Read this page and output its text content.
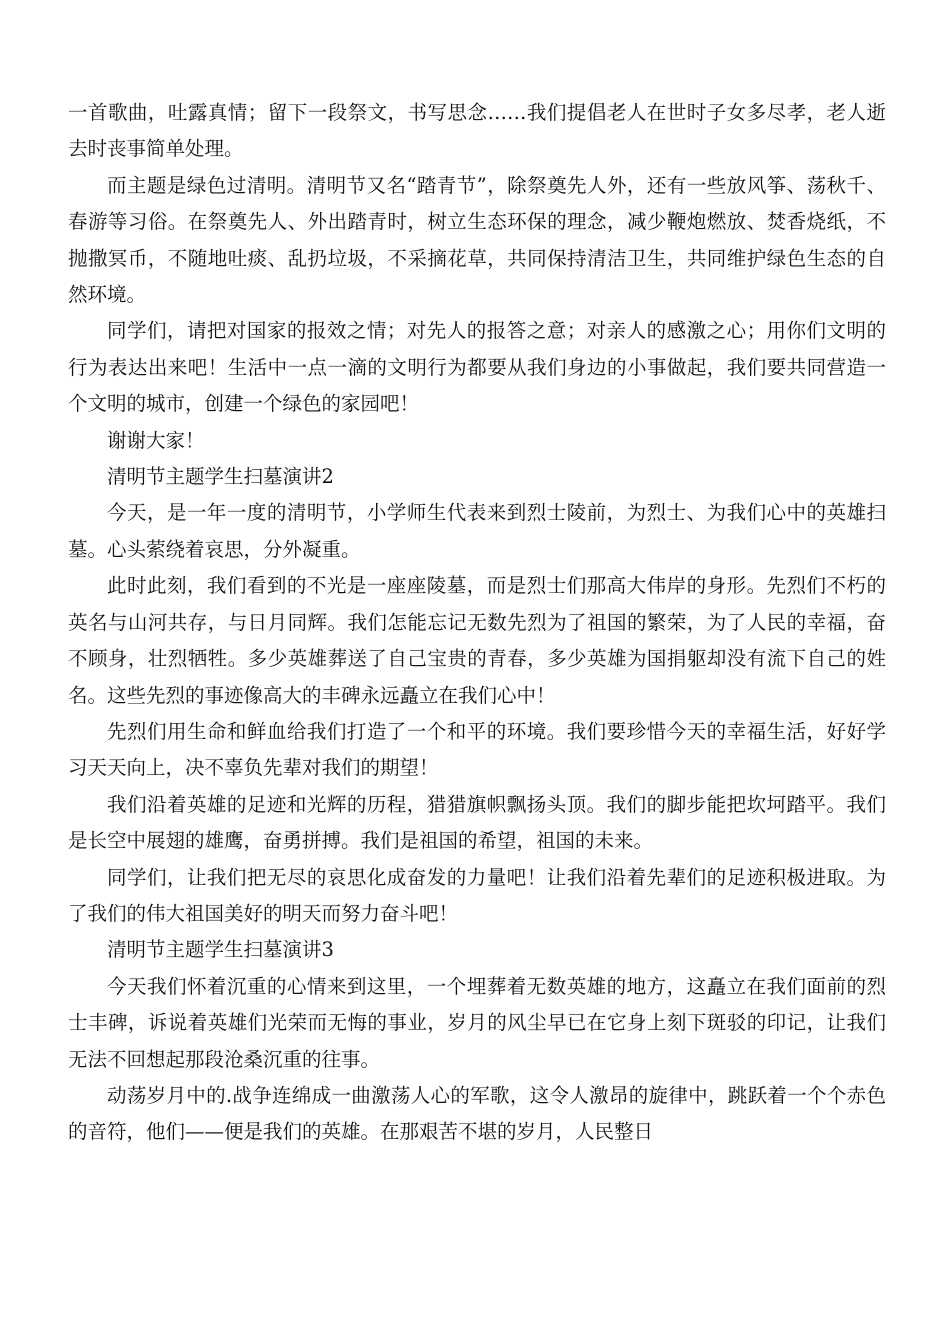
一首歌曲，吐露真情；留下一段祭文，书写思念……我们提倡老人在世时子女多尽孝，老人逝去时丧事简单处理。

而主题是绿色过清明。清明节又名“踏青节”，除祭奠先人外，还有一些放风筝、荡秋千、春游等习俗。在祭奠先人、外出踏青时，树立生态环保的理念，减少鞭炮燃放、焚香烧纸，不抛撒冥币，不随地吐痰、乱扔垃圾，不采摘花草，共同保持清洁卫生，共同维护绿色生态的自然环境。

同学们，请把对国家的报效之情；对先人的报答之意；对亲人的感激之心；用你们文明的行为表达出来吧！生活中一点一滴的文明行为都要从我们身边的小事做起，我们要共同营造一个文明的城市，创建一个绿色的家园吧！

谢谢大家！

清明节主题学生扫墓演讲2

今天，是一年一度的清明节，小学师生代表来到烈士陵前，为烈士、为我们心中的英雄扫墓。心头萦绕着哀思，分外凝重。

此时此刻，我们看到的不光是一座座陵墓，而是烈士们那高大伟岸的身形。先烈们不朽的英名与山河共存，与日月同辉。我们怎能忘记无数先烈为了祖国的繁荣，为了人民的幸福，奋不顾身，壮烈牺牲。多少英雄葬送了自己宝贵的青春，多少英雄为国捐躯却没有流下自己的姓名。这些先烈的事迹像高大的丰碑永远矗立在我们心中！

先烈们用生命和鲜血给我们打造了一个和平的环境。我们要珍惜今天的幸福生活，好好学习天天向上，决不辜负先辈对我们的期望！

我们沿着英雄的足迹和光辉的历程，猎猎旗帜飘扬头顶。我们的脚步能把坎坷踏平。我们是长空中展翅的雄鹰，奋勇拼搏。我们是祖国的希望，祖国的未来。

同学们，让我们把无尽的哀思化成奋发的力量吧！让我们沿着先辈们的足迹积极进取。为了我们的伟大祖国美好的明天而努力奋斗吧！

清明节主题学生扫墓演讲3

今天我们怀着沉重的心情来到这里，一个埋葬着无数英雄的地方，这矗立在我们面前的烈士丰碑，诉说着英雄们光荣而无悔的事业，岁月的风尘早已在它身上刻下斑驳的印记，让我们无法不回想起那段沧桑沉重的往事。

动荡岁月中的.战争连绵成一曲激荡人心的军歌，这令人激昂的旋律中，跳跃着一个个赤色的音符，他们——便是我们的英雄。在那艰苦不堪的岁月，人民整日
